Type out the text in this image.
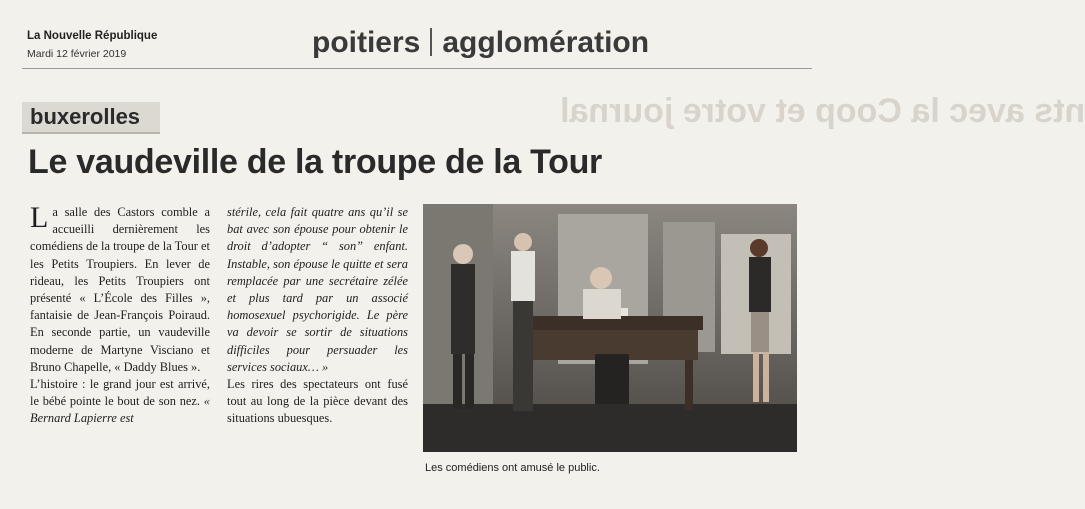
nts avec la Coop et votre journal
La Nouvelle République
Mardi 12 février 2019	poitiers agglomération
buxerolles
Le vaudeville de la troupe de la Tour
La salle des Castors comble a accueilli dernièrement les comédiens de la troupe de la Tour et les Petits Troupiers. En lever de rideau, les Petits Troupiers ont présenté « L’École des Filles », fantaisie de Jean-François Poiraud. En seconde partie, un vaudeville moderne de Martyne Visciano et Bruno Chapelle, « Daddy Blues ».
L’histoire : le grand jour est arrivé, le bébé pointe le bout de son nez. « Bernard Lapierre est
stérile, cela fait quatre ans qu’il se bat avec son épouse pour obtenir le droit d’adopter “ son” enfant. Instable, son épouse le quitte et sera remplacée par une secrétaire zélée et plus tard par un associé homosexuel psychorigide. Le père va devoir se sortir de situations difficiles pour persuader les services sociaux… »
Les rires des spectateurs ont fusé tout au long de la pièce devant des situations ubuesques.
Les comédiens ont amusé le public.
